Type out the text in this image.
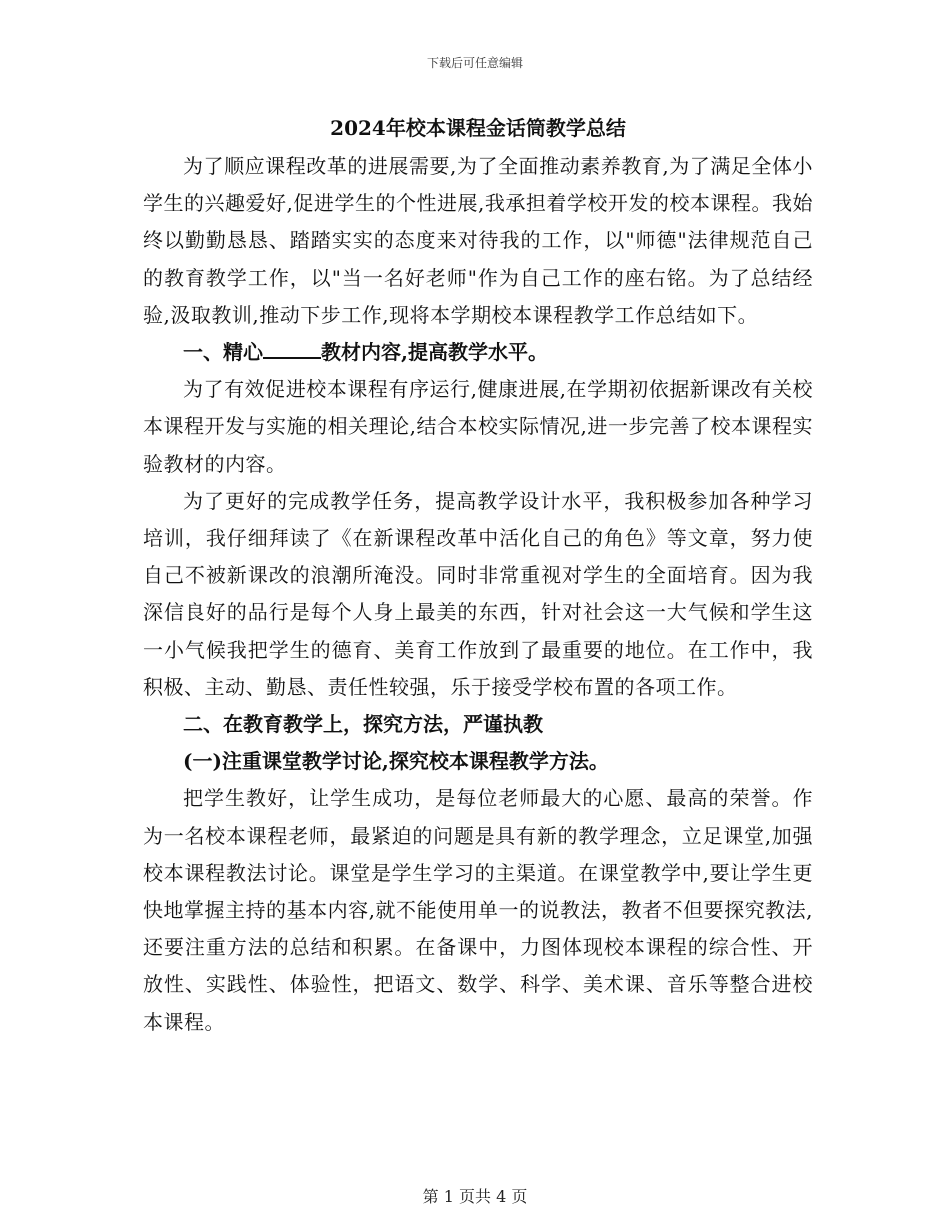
下载后可任意编辑
2024年校本课程金话筒教学总结

为了顺应课程改革的进展需要,为了全面推动素养教育,为了满足全体小学生的兴趣爱好,促进学生的个性进展,我承担着学校开发的校本课程。我始终以勤勤恳恳、踏踏实实的态度来对待我的工作，以"师德"法律规范自己的教育教学工作，以"当一名好老师"作为自己工作的座右铭。为了总结经验,汲取教训,推动下步工作,现将本学期校本课程教学工作总结如下。

一、精心	教材内容,提高教学水平。

为了有效促进校本课程有序运行,健康进展,在学期初依据新课改有关校本课程开发与实施的相关理论,结合本校实际情况,进一步完善了校本课程实验教材的内容。

为了更好的完成教学任务，提高教学设计水平，我积极参加各种学习培训，我仔细拜读了《在新课程改革中活化自己的角色》等文章，努力使自己不被新课改的浪潮所淹没。同时非常重视对学生的全面培育。因为我深信良好的品行是每个人身上最美的东西，针对社会这一大气候和学生这一小气候我把学生的德育、美育工作放到了最重要的地位。在工作中，我积极、主动、勤恳、责任性较强，乐于接受学校布置的各项工作。

二、在教育教学上，探究方法，严谨执教

(一)注重课堂教学讨论,探究校本课程教学方法。

把学生教好，让学生成功，是每位老师最大的心愿、最高的荣誉。作为一名校本课程老师，最紧迫的问题是具有新的教学理念，立足课堂,加强校本课程教法讨论。课堂是学生学习的主渠道。在课堂教学中,要让学生更快地掌握主持的基本内容,就不能使用单一的说教法，教者不但要探究教法,还要注重方法的总结和积累。在备课中，力图体现校本课程的综合性、开放性、实践性、体验性，把语文、数学、科学、美术课、音乐等整合进校本课程。

第 1 页共 4 页
